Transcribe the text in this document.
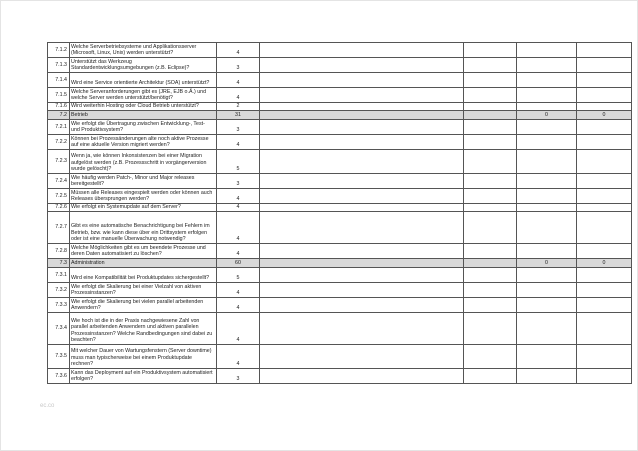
7.1.2	Welche Serverbetriebsysteme und Applikationsserver (Microsoft, Linux, Unix) werden unterstützt?	4				
7.1.3	Unterstützt das Werkzeug Standardentwicklungsumgebungen (z.B. Eclipse)?	3				
7.1.4	Wird eine Service orientierte Architektur (SOA) unterstützt?	4				
7.1.5	Welche Serveranforderungen gibt es (JRE, EJB o.Ä.) und welche Server werden unterstützt/benötigt?	4				
7.1.6	Wird weiterhin Hosting oder Cloud Betrieb unterstützt?	2				
7.2	Betrieb	31			0	0
7.2.1	Wie erfolgt die Übertragung zwischen Entwicklung-, Test- und Produktivsystem?	3				
7.2.2	Können bei Prozessänderungen alte noch aktive Prozesse auf eine aktuelle Version migriert werden?	4				
7.2.3	Wenn ja, wie können Inkonsistenzen bei einer Migration aufgelöst werden (z.B. Prozessschritt in vorgängerversion wurde gelöscht)?	5				
7.2.4	Wie häufig werden Patch-, Minor und Major releases bereitgestellt?	3				
7.2.5	Müssen alle Releases eingespielt werden oder können auch Releases übersprungen werden?	4				
7.2.6	Wie erfolgt ein Systemupdate auf dem Server?	4				
7.2.7	Gibt es eine automatische Benachrichtigung bei Fehlern im Betrieb, bzw. wie kann diese über ein Drittsystem erfolgen oder ist eine manuelle Überwachung notwendig?	4				
7.2.8	Welche Möglichkeiten gibt es um beendete Prozesse und deren Daten automatisiert zu löschen?	4				
7.3	Administration	60			0	0
7.3.1	Wird eine Kompatibilität bei Produktupdates sichergestellt?	5				
7.3.2	Wie erfolgt die Skalierung bei einer Vielzahl von aktiven Prozessinstanzen?	4				
7.3.3	Wie erfolgt die Skalierung bei vielen parallel arbeitenden Anwendern?	4				
7.3.4	Wie hoch ist die in der Praxis nachgewiesene Zahl von parallel arbeitenden Anwendern und aktiven parallelen Prozessinstanzen? Welche Randbedingungen sind dabei zu beachten?	4				
7.3.5	Mit welcher Dauer von Wartungsfenstern (Server downtime) muss man typischerweise bei einem Produktupdate rechnen?	4				
7.3.6	Kann das Deployment auf ein Produktivsystem automatisiert erfolgen?	3				
ec.co
